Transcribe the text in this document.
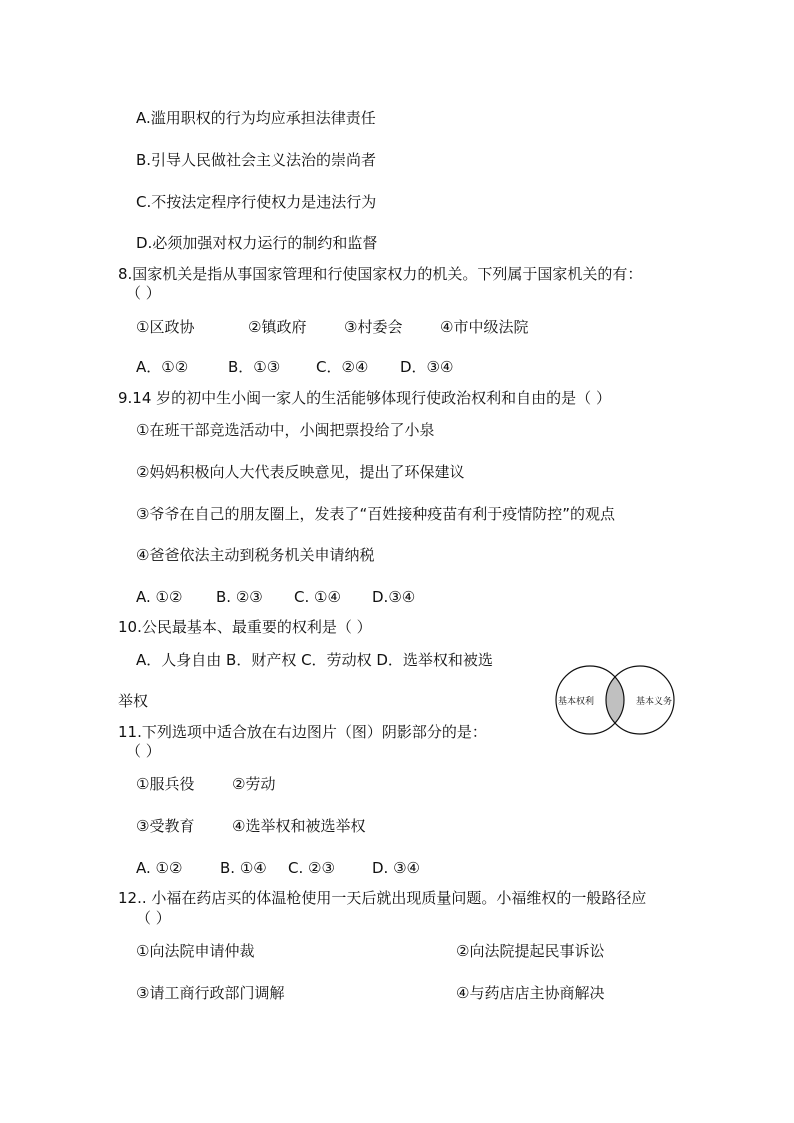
A.滥用职权的行为均应承担法律责任
B.引导人民做社会主义法治的崇尚者
C.不按法定程序行使权力是违法行为
D.必须加强对权力运行的制约和监督
8.国家机关是指从事国家管理和行使国家权力的机关。下列属于国家机关的有：
（ ）
①区政协	②镇政府	③村委会	④市中级法院
A．①②	B．①③ C．②④ D．③④
9.14 岁的初中生小闽一家人的生活能够体现行使政治权利和自由的是（ ）
①在班干部竞选活动中，小闽把票投给了小泉
②妈妈积极向人大代表反映意见，提出了环保建议
③爷爷在自己的朋友圈上，发表了“百姓接种疫苗有利于疫情防控”的观点
④爸爸依法主动到税务机关申请纳税
A. ①② B. ②③ C. ①④ D.③④
10.公民最基本、最重要的权利是（ ）
A．人身自由 B．财产权 C．劳动权 D．选举权和被选
举权	基本权利	基本义务
11.下列选项中适合放在右边图片（图）阴影部分的是：
（ ）
①服兵役	②劳动
③受教育	④选举权和被选举权
A. ①②	B. ①④ C. ②③ D. ③④
12.. 小福在药店买的体温枪使用一天后就出现质量问题。小福维权的一般路径应
（ ）
①向法院申请仲裁	②向法院提起民事诉讼
③请工商行政部门调解	④与药店店主协商解决
